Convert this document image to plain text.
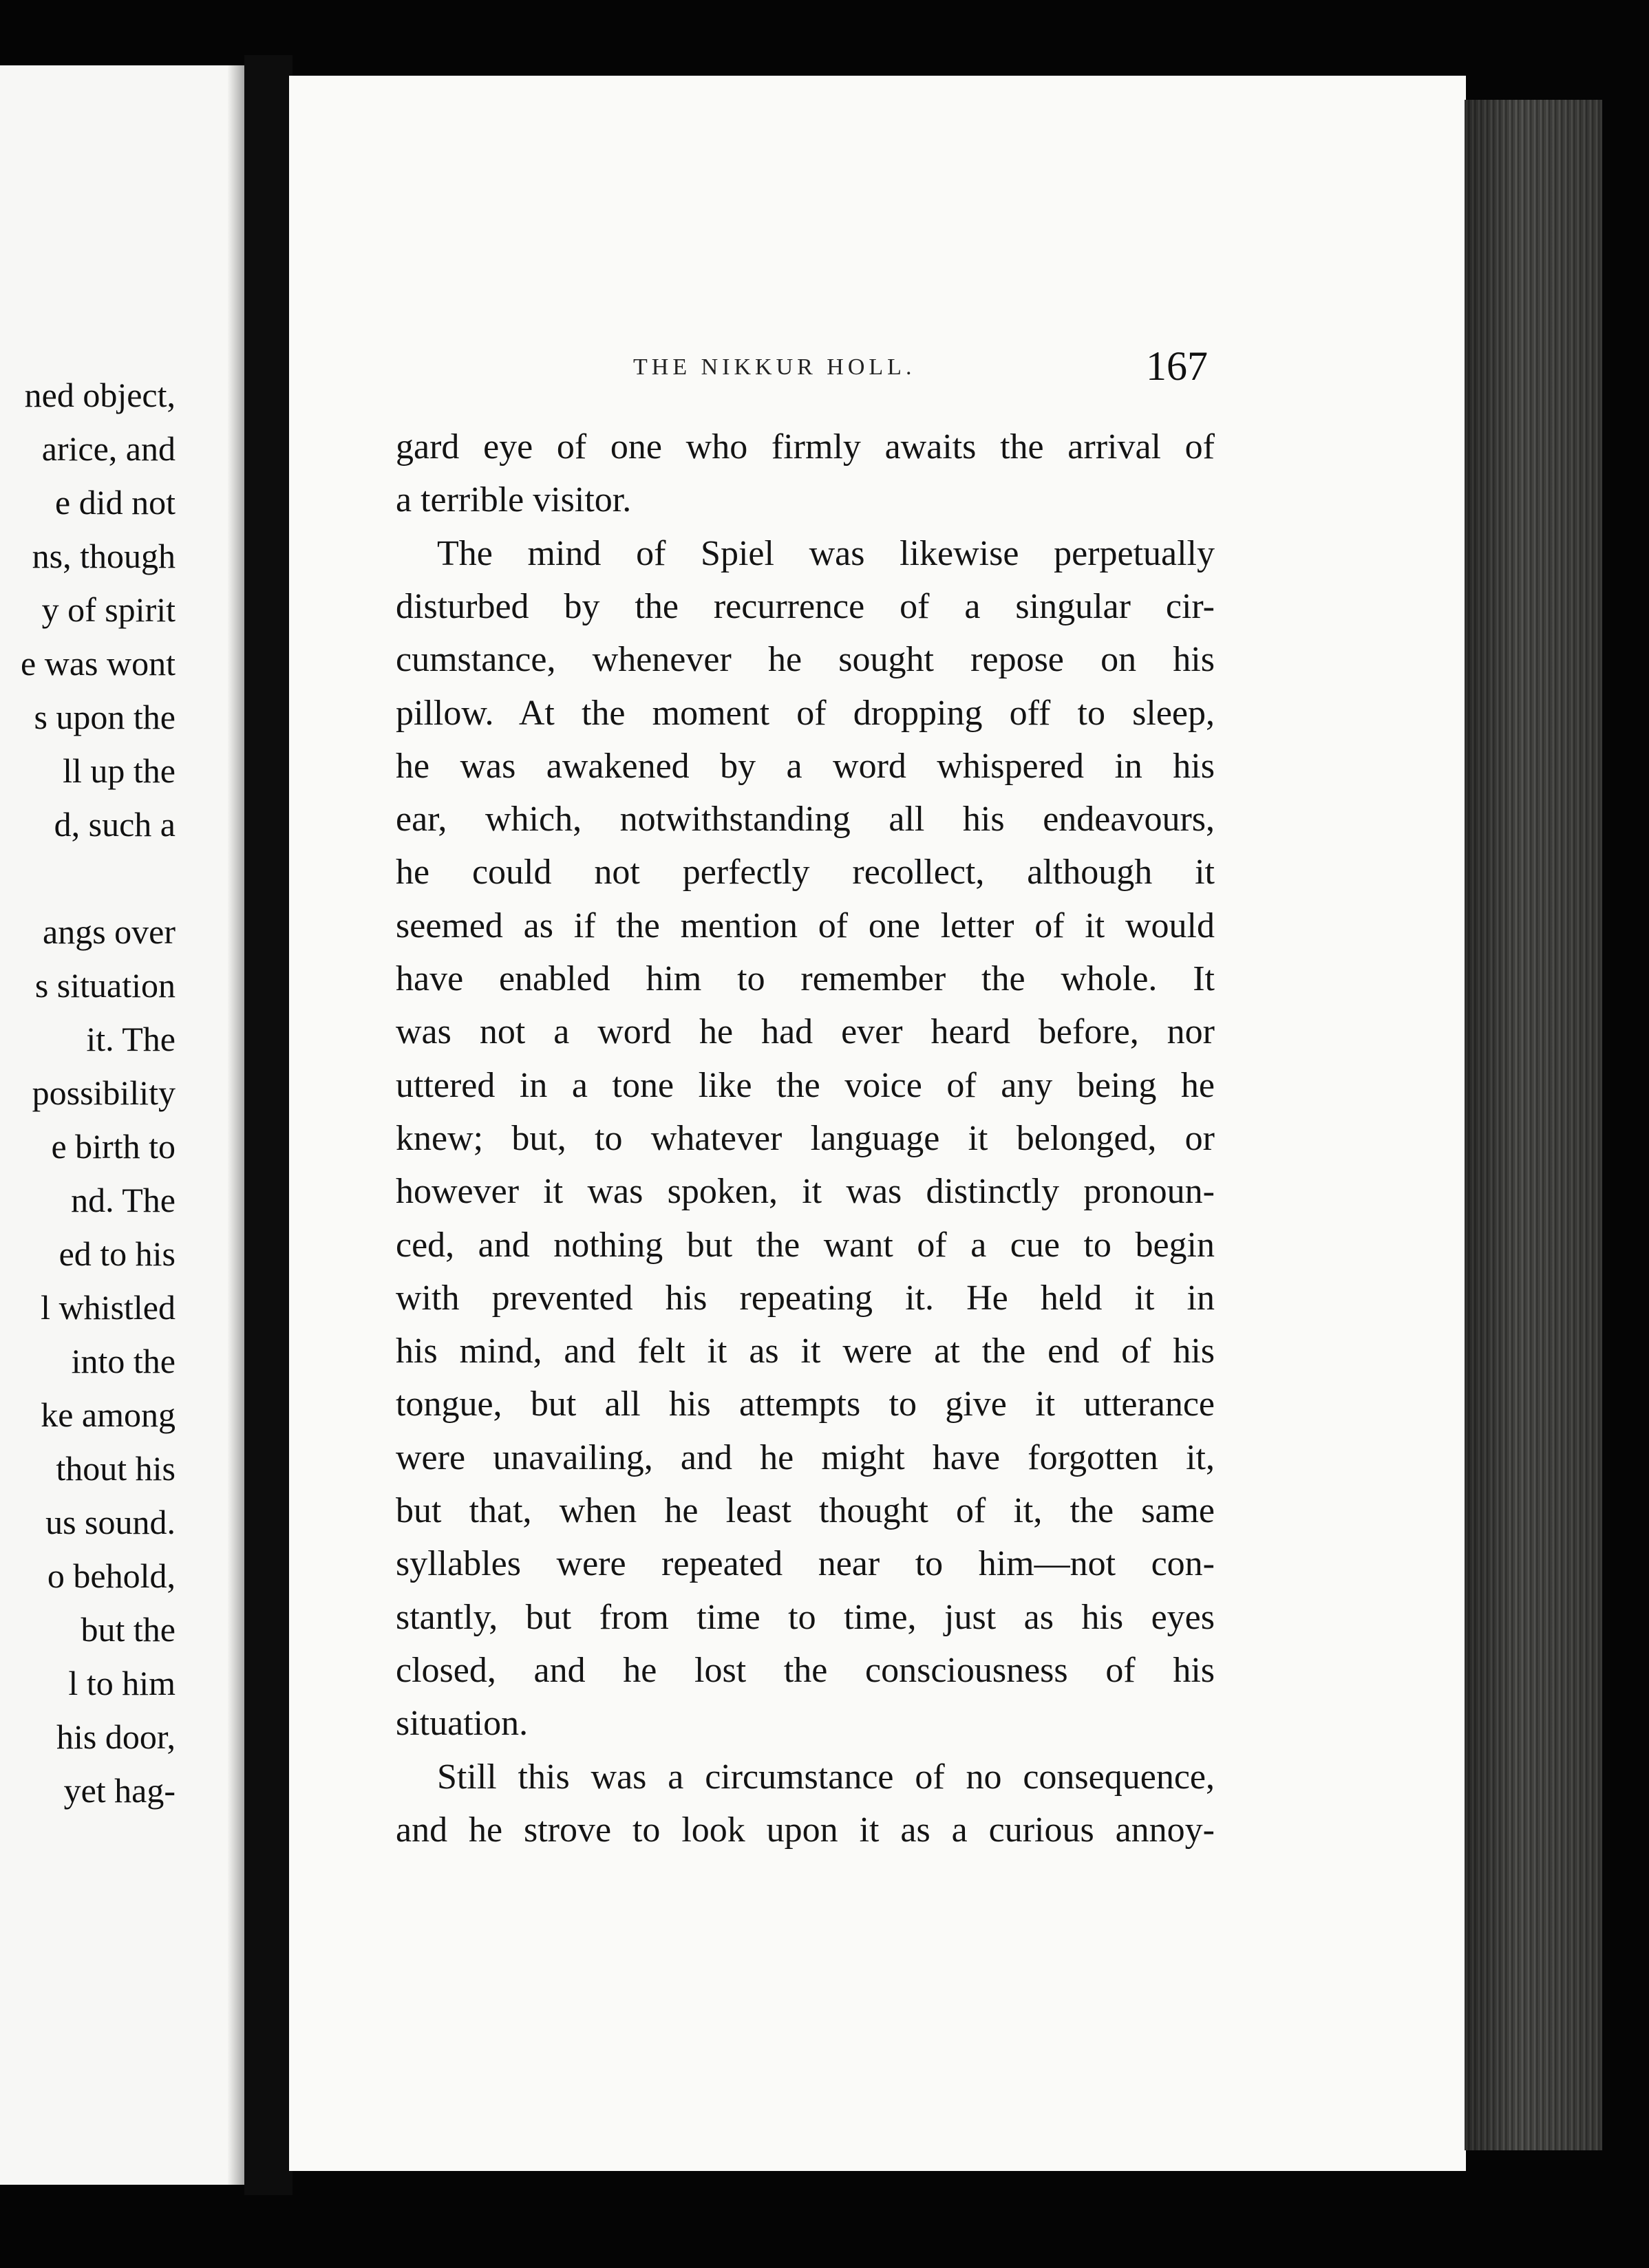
ned object,
arice, and
e did not
ns, though
y of spirit
e was wont
s upon the
ll up the
d, such a
angs over
s situation
it. The
possibility
e birth to
nd. The
ed to his
l whistled
into the
ke among
thout his
us sound.
o behold,
but the
l to him
his door,
yet hag-
THE NIKKUR HOLL.	167
gard eye of one who firmly awaits the arrival of
a terrible visitor.
The mind of Spiel was likewise perpetually
disturbed by the recurrence of a singular cir-
cumstance, whenever he sought repose on his
pillow. At the moment of dropping off to sleep,
he was awakened by a word whispered in his
ear, which, notwithstanding all his endeavours,
he could not perfectly recollect, although it
seemed as if the mention of one letter of it would
have enabled him to remember the whole. It
was not a word he had ever heard before, nor
uttered in a tone like the voice of any being he
knew; but, to whatever language it belonged, or
however it was spoken, it was distinctly pronoun-
ced, and nothing but the want of a cue to begin
with prevented his repeating it. He held it in
his mind, and felt it as it were at the end of his
tongue, but all his attempts to give it utterance
were unavailing, and he might have forgotten it,
but that, when he least thought of it, the same
syllables were repeated near to him—not con-
stantly, but from time to time, just as his eyes
closed, and he lost the consciousness of his
situation.
Still this was a circumstance of no consequence,
and he strove to look upon it as a curious annoy-
